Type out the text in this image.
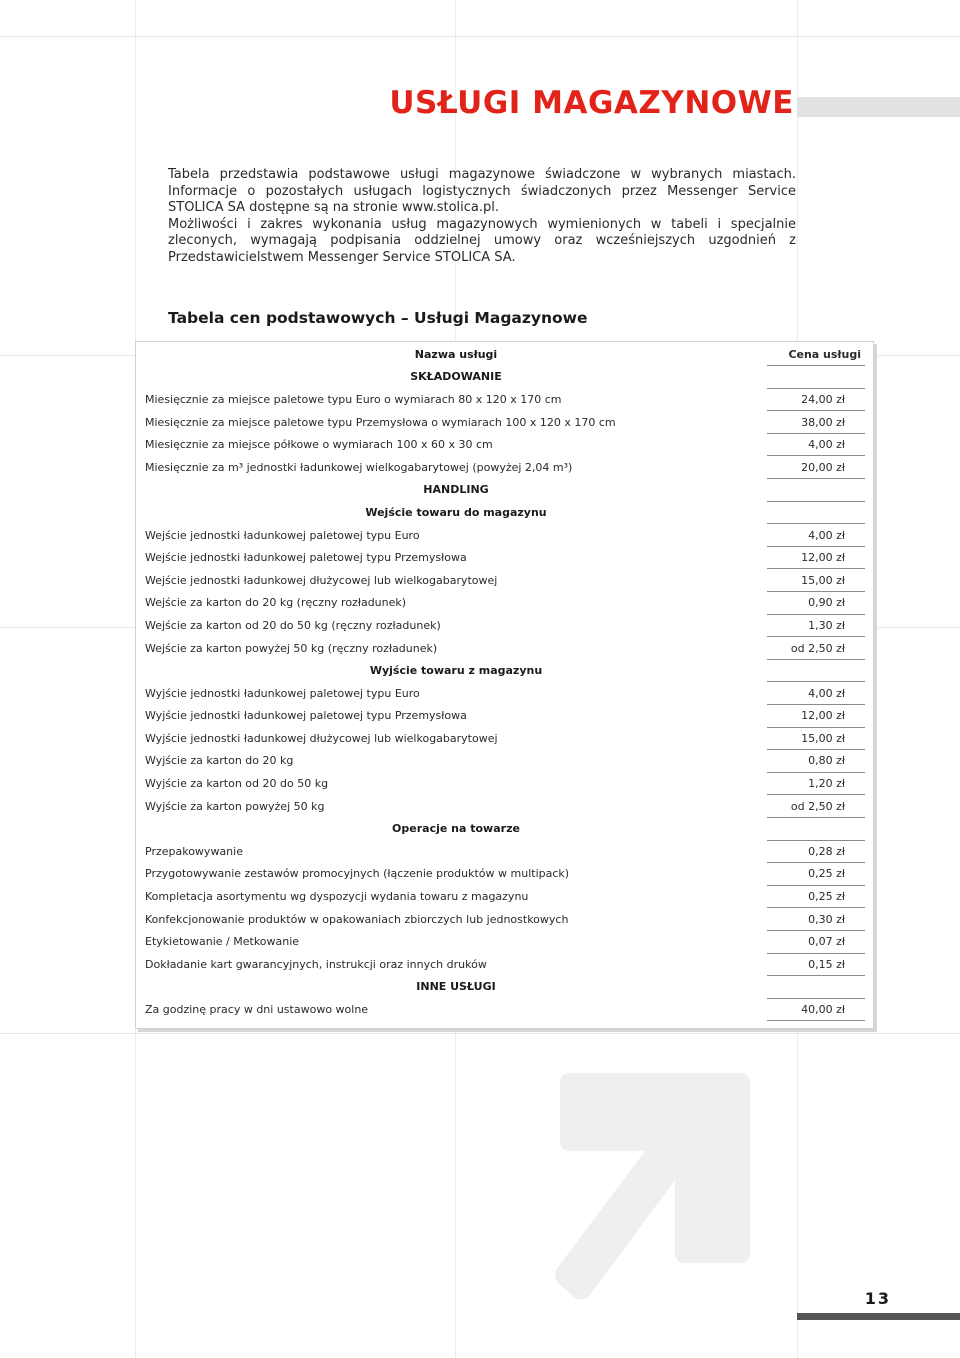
USŁUGI MAGAZYNOWE

Tabela przedstawia podstawowe usługi magazynowe świadczone w wybranych miastach. Informacje o pozostałych usługach logistycznych świadczonych przez Messenger Service STOLICA SA dostępne są na stronie www.stolica.pl.

Możliwości i zakres wykonania usług magazynowych wymienionych w tabeli i specjalnie zleconych, wymagają podpisania oddzielnej umowy oraz wcześniejszych uzgodnień z Przedstawicielstwem Messenger Service STOLICA SA.

Tabela cen podstawowych – Usługi Magazynowe
Nazwa usługi	Cena usługi
SKŁADOWANIE	
Miesięcznie za miejsce paletowe typu Euro o wymiarach 80 x 120 x 170 cm	24,00 zł
Miesięcznie za miejsce paletowe typu Przemysłowa o wymiarach 100 x 120 x 170 cm	38,00 zł
Miesięcznie za miejsce półkowe o wymiarach 100 x 60 x 30 cm	4,00 zł
Miesięcznie za m³ jednostki ładunkowej wielkogabarytowej (powyżej 2,04 m³)	20,00 zł
HANDLING	
Wejście towaru do magazynu	
Wejście jednostki ładunkowej paletowej typu Euro	4,00 zł
Wejście jednostki ładunkowej paletowej typu Przemysłowa	12,00 zł
Wejście jednostki ładunkowej dłużycowej lub wielkogabarytowej	15,00 zł
Wejście za karton do 20 kg (ręczny rozładunek)	0,90 zł
Wejście za karton od 20 do 50 kg (ręczny rozładunek)	1,30 zł
Wejście za karton powyżej 50 kg (ręczny rozładunek)	od 2,50 zł
Wyjście towaru z magazynu	
Wyjście jednostki ładunkowej paletowej typu Euro	4,00 zł
Wyjście jednostki ładunkowej paletowej typu Przemysłowa	12,00 zł
Wyjście jednostki ładunkowej dłużycowej lub wielkogabarytowej	15,00 zł
Wyjście za karton do 20 kg	0,80 zł
Wyjście za karton od 20 do 50 kg	1,20 zł
Wyjście za karton powyżej 50 kg	od 2,50 zł
Operacje na towarze	
Przepakowywanie	0,28 zł
Przygotowywanie zestawów promocyjnych (łączenie produktów w multipack)	0,25 zł
Kompletacja asortymentu wg dyspozycji wydania towaru z magazynu	0,25 zł
Konfekcjonowanie produktów w opakowaniach zbiorczych lub jednostkowych	0,30 zł
Etykietowanie / Metkowanie	0,07 zł
Dokładanie kart gwarancyjnych, instrukcji oraz innych druków	0,15 zł
INNE USŁUGI	
Za godzinę pracy w dni ustawowo wolne	40,00 zł
13
